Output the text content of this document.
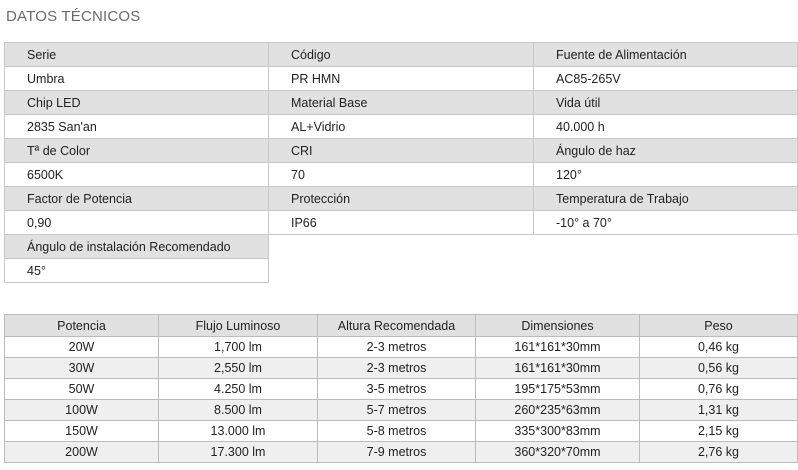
DATOS TÉCNICOS
Serie	Código	Fuente de Alimentación
Umbra	PR HMN	AC85-265V
Chip LED	Material Base	Vida útil
2835 San'an	AL+Vidrio	40.000 h
Tª de Color	CRI	Ángulo de haz
6500K	70	120°
Factor de Potencia	Protección	Temperatura de Trabajo
0,90	IP66	-10° a 70°
Ángulo de instalación Recomendado		
45°		
Potencia	Flujo Luminoso	Altura Recomendada	Dimensiones	Peso
20W	1,700 lm	2-3 metros	161*161*30mm	0,46 kg
30W	2,550 lm	2-3 metros	161*161*30mm	0,56 kg
50W	4.250 lm	3-5 metros	195*175*53mm	0,76 kg
100W	8.500 lm	5-7 metros	260*235*63mm	1,31 kg
150W	13.000 lm	5-8 metros	335*300*83mm	2,15 kg
200W	17.300 lm	7-9 metros	360*320*70mm	2,76 kg
